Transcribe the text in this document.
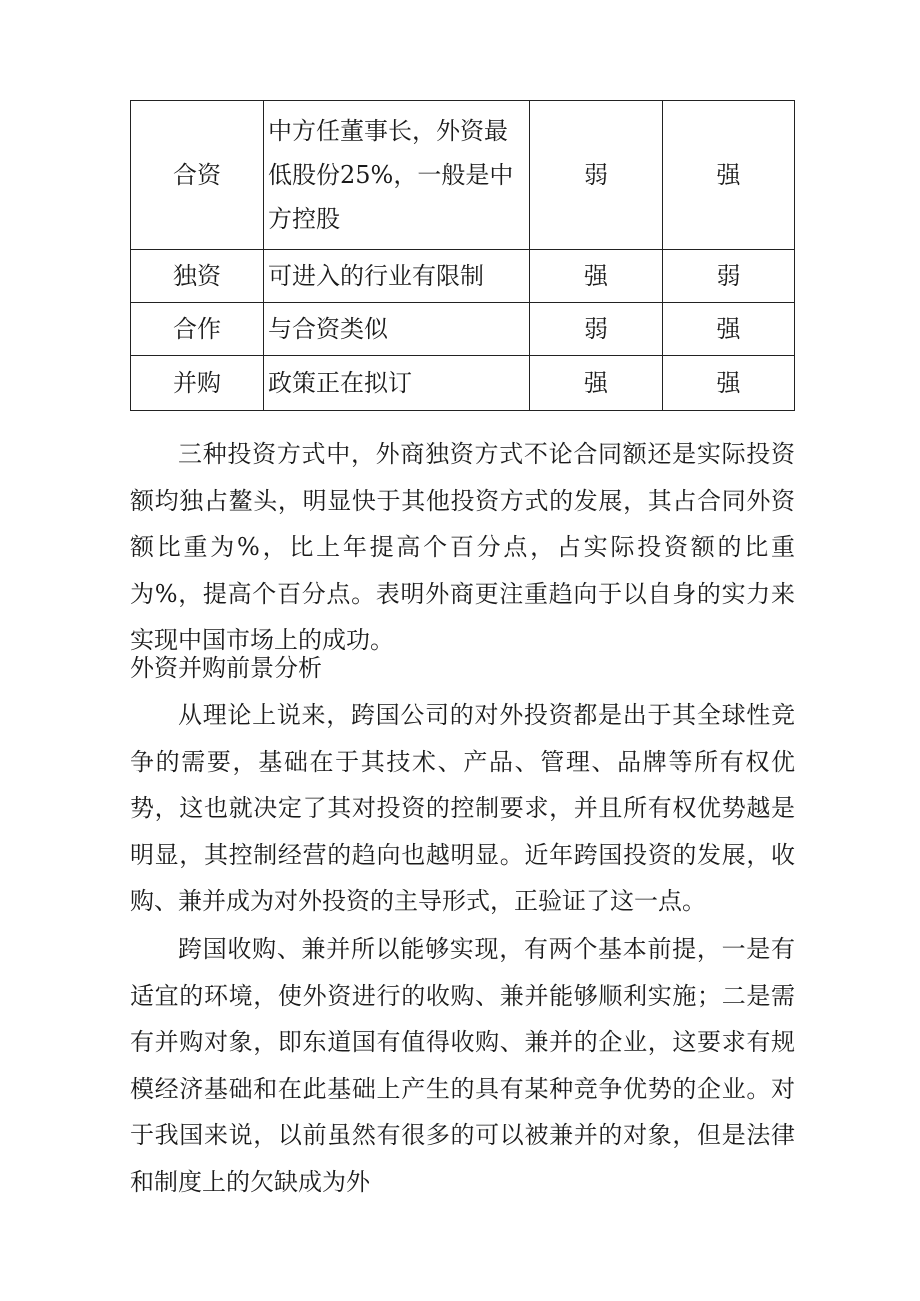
合资	中方任董事长，外资最低股份25%，一般是中方控股	弱	强
独资	可进入的行业有限制	强	弱
合作	与合资类似	弱	强
并购	政策正在拟订	强	强

三种投资方式中，外商独资方式不论合同额还是实际投资额均独占鳌头，明显快于其他投资方式的发展，其占合同外资额比重为%，比上年提高个百分点，占实际投资额的比重为%，提高个百分点。表明外商更注重趋向于以自身的实力来实现中国市场上的成功。

外资并购前景分析

从理论上说来，跨国公司的对外投资都是出于其全球性竞争的需要，基础在于其技术、产品、管理、品牌等所有权优势，这也就决定了其对投资的控制要求，并且所有权优势越是明显，其控制经营的趋向也越明显。近年跨国投资的发展，收购、兼并成为对外投资的主导形式，正验证了这一点。

跨国收购、兼并所以能够实现，有两个基本前提，一是有适宜的环境，使外资进行的收购、兼并能够顺利实施；二是需有并购对象，即东道国有值得收购、兼并的企业，这要求有规模经济基础和在此基础上产生的具有某种竞争优势的企业。对于我国来说，以前虽然有很多的可以被兼并的对象，但是法律和制度上的欠缺成为外
